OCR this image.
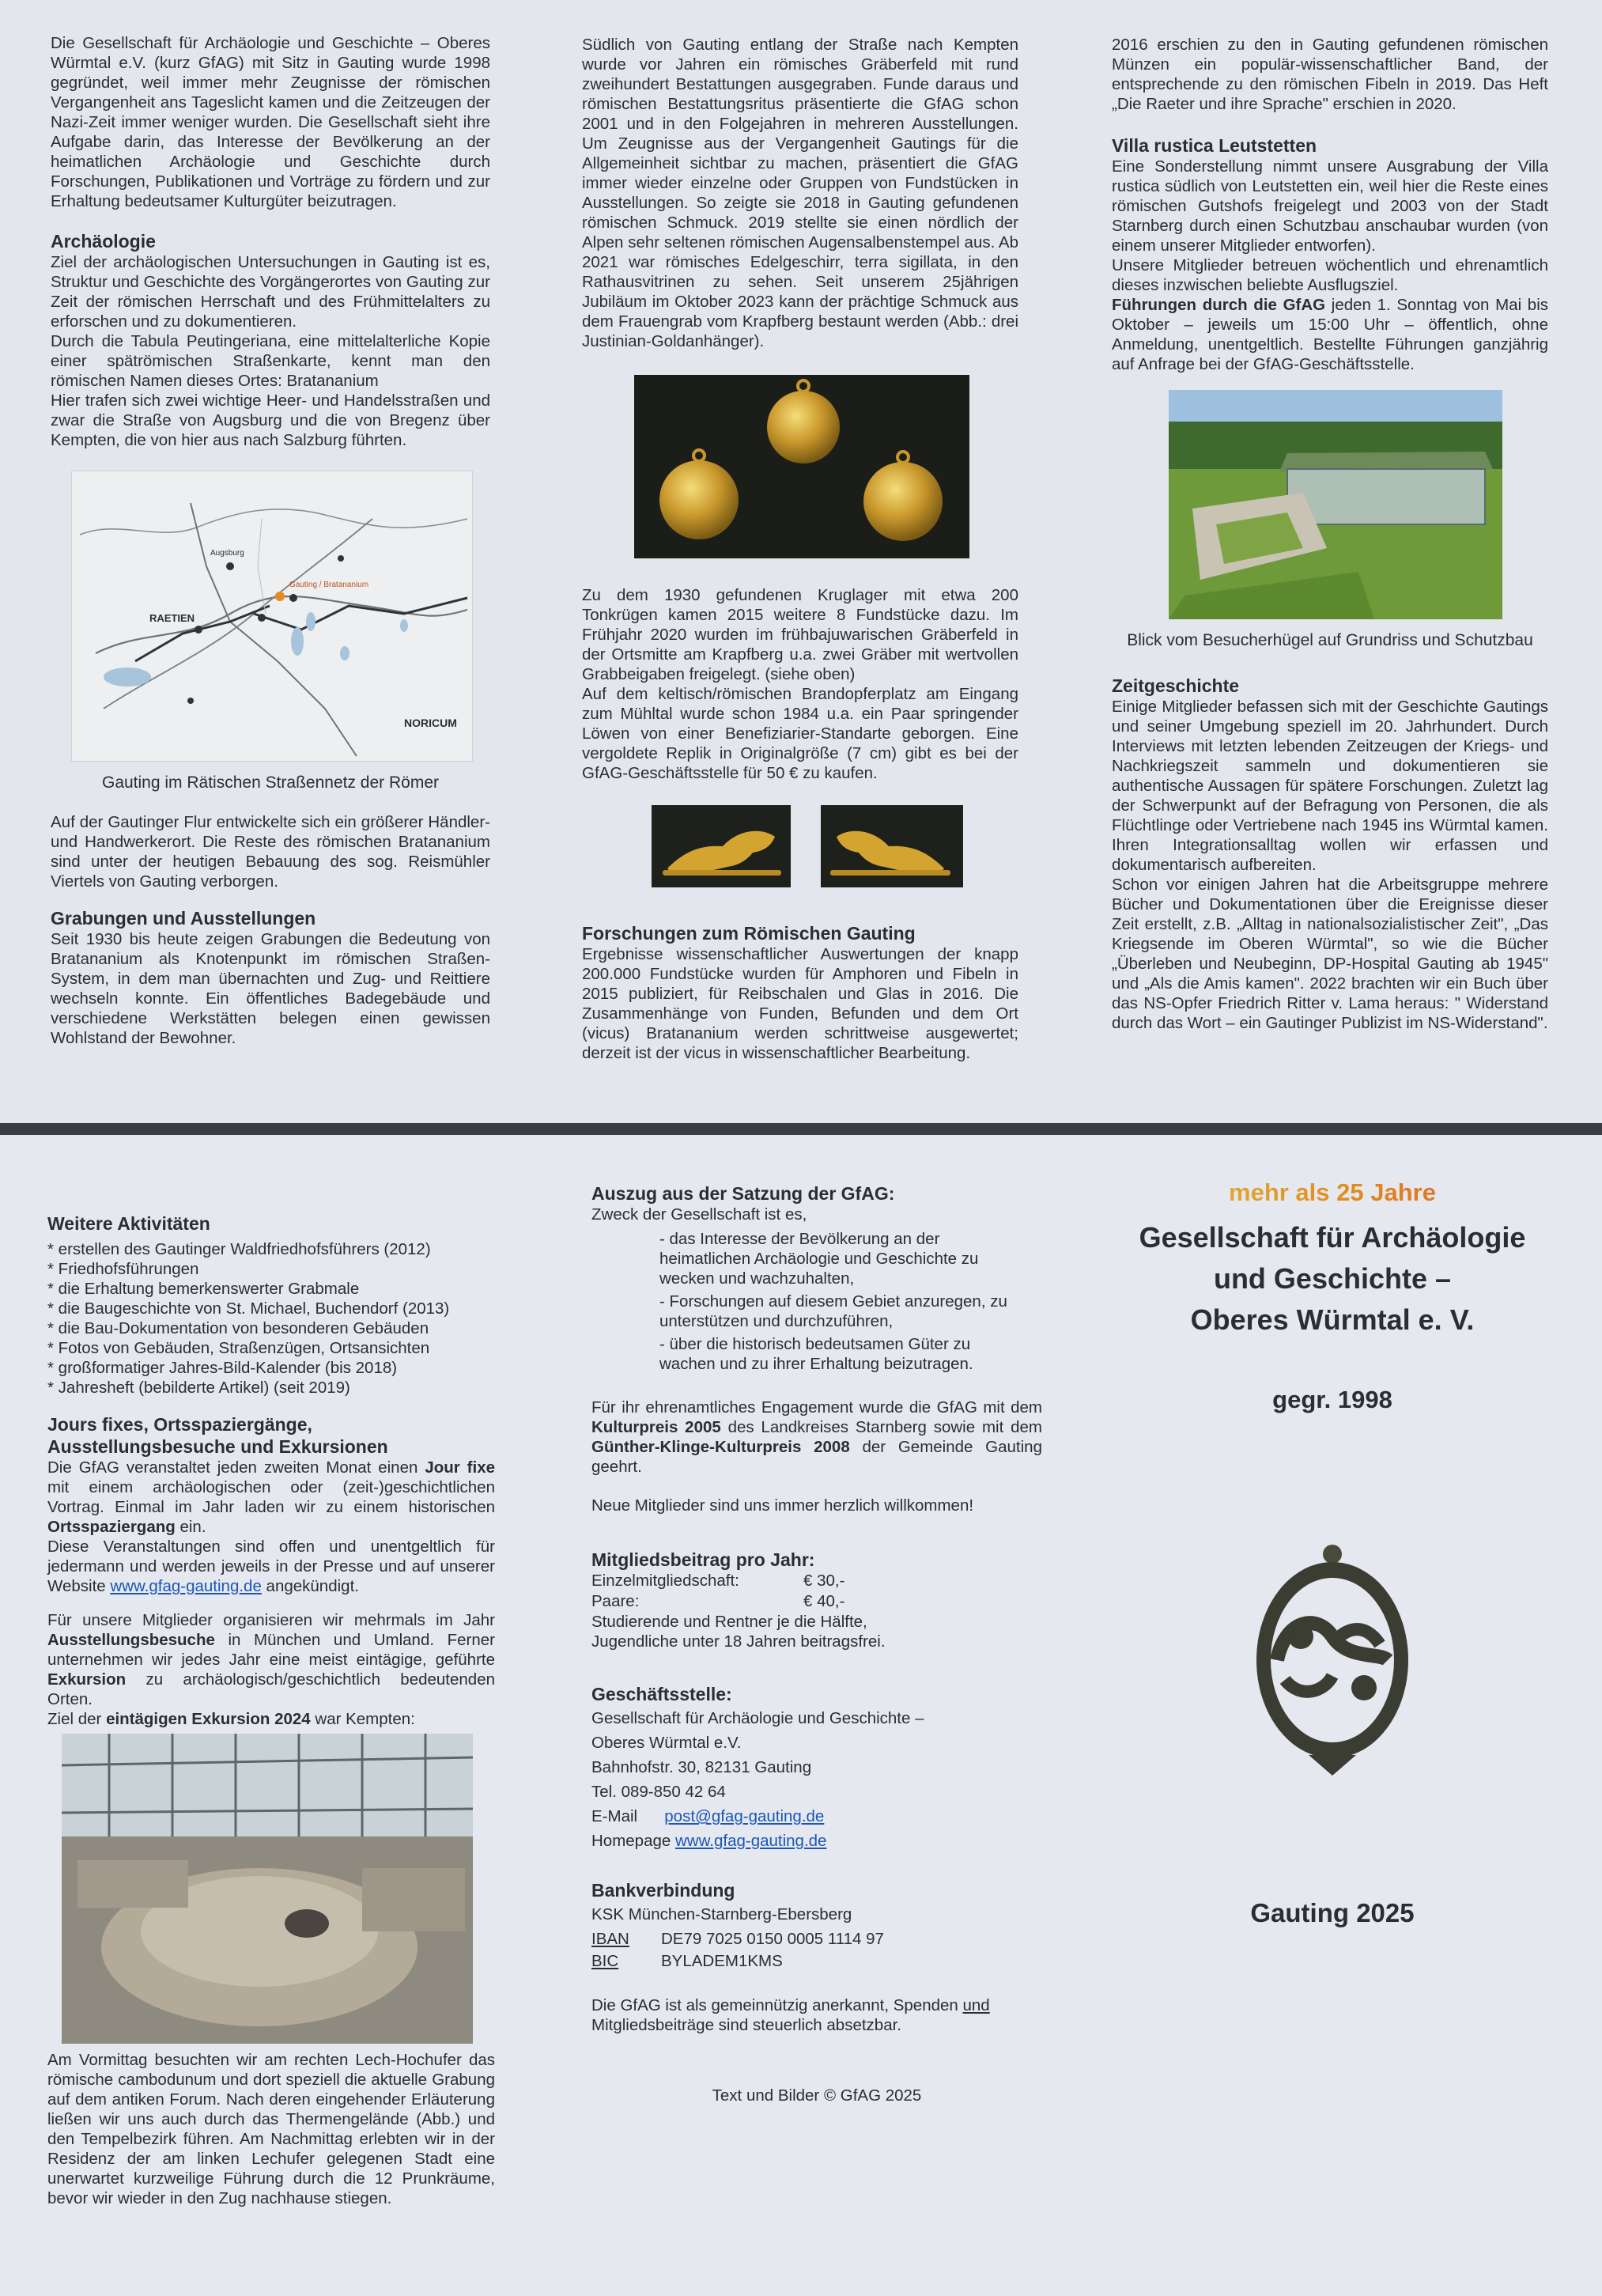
Die Gesellschaft für Archäologie und Geschichte – Oberes Würmtal e.V. (kurz GfAG) mit Sitz in Gauting wurde 1998 gegründet, weil immer mehr Zeugnisse der römischen Vergangenheit ans Tageslicht kamen und die Zeitzeugen der Nazi-Zeit immer weniger wurden. Die Gesellschaft sieht ihre Aufgabe darin, das Interesse der Bevölkerung an der heimatlichen Archäologie und Geschichte durch Forschungen, Publikationen und Vorträge zu fördern und zur Erhaltung bedeutsamer Kulturgüter beizutragen.

Archäologie

Ziel der archäologischen Untersuchungen in Gauting ist es, Struktur und Geschichte des Vorgängerortes von Gauting zur Zeit der römischen Herrschaft und des Frühmittelalters zu erforschen und zu dokumentieren.

Durch die Tabula Peutingeriana, eine mittelalterliche Kopie einer spätrömischen Straßenkarte, kennt man den römischen Namen dieses Ortes: Bratananium

Hier trafen sich zwei wichtige Heer- und Handelsstraßen und zwar die Straße von Augsburg und die von Bregenz über Kempten, die von hier aus nach Salzburg führten.

RAETIEN
NORICUM
Augsburg
Gauting / Bratananium

Gauting im Rätischen Straßennetz der Römer

Auf der Gautinger Flur entwickelte sich ein größerer Händler- und Handwerkerort. Die Reste des römischen Bratananium sind unter der heutigen Bebauung des sog. Reismühler Viertels von Gauting verborgen.

Grabungen und Ausstellungen

Seit 1930 bis heute zeigen Grabungen die Bedeutung von Bratananium als Knotenpunkt im römischen Straßen-System, in dem man übernachten und Zug- und Reittiere wechseln konnte. Ein öffentliches Badegebäude und verschiedene Werkstätten belegen einen gewissen Wohlstand der Bewohner.

Südlich von Gauting entlang der Straße nach Kempten wurde vor Jahren ein römisches Gräberfeld mit rund zweihundert Bestattungen ausgegraben. Funde daraus und römischen Bestattungsritus präsentierte die GfAG schon 2001 und in den Folgejahren in mehreren Ausstellungen. Um Zeugnisse aus der Vergangenheit Gautings für die Allgemeinheit sichtbar zu machen, präsentiert die GfAG immer wieder einzelne oder Gruppen von Fundstücken in Ausstellungen. So zeigte sie 2018 in Gauting gefundenen römischen Schmuck. 2019 stellte sie einen nördlich der Alpen sehr seltenen römischen Augensalbenstempel aus. Ab 2021 war römisches Edelgeschirr, terra sigillata, in den Rathausvitrinen zu sehen. Seit unserem 25jährigen Jubiläum im Oktober 2023 kann der prächtige Schmuck aus dem Frauengrab vom Krapfberg bestaunt werden (Abb.: drei Justinian-Goldanhänger).

Zu dem 1930 gefundenen Kruglager mit etwa 200 Tonkrügen kamen 2015 weitere 8 Fundstücke dazu. Im Frühjahr 2020 wurden im frühbajuwarischen Gräberfeld in der Ortsmitte am Krapfberg u.a. zwei Gräber mit wertvollen Grabbeigaben freigelegt. (siehe oben)

Auf dem keltisch/römischen Brandopferplatz am Eingang zum Mühltal wurde schon 1984 u.a. ein Paar springender Löwen von einer Benefiziarier-Standarte geborgen. Eine vergoldete Replik in Originalgröße (7 cm) gibt es bei der GfAG-Geschäftsstelle für 50 € zu kaufen.

Forschungen zum Römischen Gauting

Ergebnisse wissenschaftlicher Auswertungen der knapp 200.000 Fundstücke wurden für Amphoren und Fibeln in 2015 publiziert, für Reibschalen und Glas in 2016. Die Zusammenhänge von Funden, Befunden und dem Ort (vicus) Bratananium werden schrittweise ausgewertet; derzeit ist der vicus in wissenschaftlicher Bearbeitung.

2016 erschien zu den in Gauting gefundenen römischen Münzen ein populär-wissenschaftlicher Band, der entsprechende zu den römischen Fibeln in 2019. Das Heft „Die Raeter und ihre Sprache" erschien in 2020.

Villa rustica Leutstetten

Eine Sonderstellung nimmt unsere Ausgrabung der Villa rustica südlich von Leutstetten ein, weil hier die Reste eines römischen Gutshofs freigelegt und 2003 von der Stadt Starnberg durch einen Schutzbau anschaubar wurden (von einem unserer Mitglieder entworfen).

Unsere Mitglieder betreuen wöchentlich und ehrenamtlich dieses inzwischen beliebte Ausflugsziel.

Führungen durch die GfAG jeden 1. Sonntag von Mai bis Oktober – jeweils um 15:00 Uhr – öffentlich, ohne Anmeldung, unentgeltlich. Bestellte Führungen ganzjährig auf Anfrage bei der GfAG-Geschäftsstelle.

Blick vom Besucherhügel auf Grundriss und Schutzbau

Zeitgeschichte

Einige Mitglieder befassen sich mit der Geschichte Gautings und seiner Umgebung speziell im 20. Jahrhundert. Durch Interviews mit letzten lebenden Zeitzeugen der Kriegs- und Nachkriegszeit sammeln und dokumentieren sie authentische Aussagen für spätere Forschungen. Zuletzt lag der Schwerpunkt auf der Befragung von Personen, die als Flüchtlinge oder Vertriebene nach 1945 ins Würmtal kamen. Ihren Integrationsalltag wollen wir erfassen und dokumentarisch aufbereiten.

Schon vor einigen Jahren hat die Arbeitsgruppe mehrere Bücher und Dokumentationen über die Ereignisse dieser Zeit erstellt, z.B. „Alltag in nationalsozialistischer Zeit", „Das Kriegsende im Oberen Würmtal", so wie die Bücher „Überleben und Neubeginn, DP-Hospital Gauting ab 1945" und „Als die Amis kamen". 2022 brachten wir ein Buch über das NS-Opfer Friedrich Ritter v. Lama heraus: " Widerstand durch das Wort – ein Gautinger Publizist im NS-Widerstand".

Weitere Aktivitäten

* erstellen des Gautinger Waldfriedhofsführers (2012)
* Friedhofsführungen
* die Erhaltung bemerkenswerter Grabmale
* die Baugeschichte von St. Michael, Buchendorf (2013)
* die Bau-Dokumentation von besonderen Gebäuden
* Fotos von Gebäuden, Straßenzügen, Ortsansichten
* großformatiger Jahres-Bild-Kalender (bis 2018)
* Jahresheft (bebilderte Artikel) (seit 2019)

Jours fixes, Ortsspaziergänge, Ausstellungsbesuche und Exkursionen

Die GfAG veranstaltet jeden zweiten Monat einen Jour fixe mit einem archäologischen oder (zeit-)geschichtlichen Vortrag. Einmal im Jahr laden wir zu einem historischen Ortsspaziergang ein.

Diese Veranstaltungen sind offen und unentgeltlich für jedermann und werden jeweils in der Presse und auf unserer Website www.gfag-gauting.de angekündigt.

Für unsere Mitglieder organisieren wir mehrmals im Jahr Ausstellungsbesuche in München und Umland. Ferner unternehmen wir jedes Jahr eine meist eintägige, geführte Exkursion zu archäologisch/geschichtlich bedeutenden Orten.

Ziel der eintägigen Exkursion 2024 war Kempten:

Am Vormittag besuchten wir am rechten Lech-Hochufer das römische cambodunum und dort speziell die aktuelle Grabung auf dem antiken Forum. Nach deren eingehender Erläuterung ließen wir uns auch durch das Thermengelände (Abb.) und den Tempelbezirk führen. Am Nachmittag erlebten wir in der Residenz der am linken Lechufer gelegenen Stadt eine unerwartet kurzweilige Führung durch die 12 Prunkräume, bevor wir wieder in den Zug nachhause stiegen.

Auszug aus der Satzung der GfAG:

Zweck der Gesellschaft ist es,

- das Interesse der Bevölkerung an der heimatlichen Archäologie und Geschichte zu wecken und wachzuhalten,
- Forschungen auf diesem Gebiet anzuregen, zu unterstützen und durchzuführen,
- über die historisch bedeutsamen Güter zu wachen und zu ihrer Erhaltung beizutragen.

Für ihr ehrenamtliches Engagement wurde die GfAG mit dem Kulturpreis 2005 des Landkreises Starnberg sowie mit dem Günther-Klinge-Kulturpreis 2008 der Gemeinde Gauting geehrt.

Neue Mitglieder sind uns immer herzlich willkommen!

Mitgliedsbeitrag pro Jahr:

Einzelmitgliedschaft:	€ 30,-
Paare:	€ 40,-

Studierende und Rentner je die Hälfte,

Jugendliche unter 18 Jahren beitragsfrei.

Geschäftsstelle:

Gesellschaft für Archäologie und Geschichte –

Oberes Würmtal e.V.

Bahnhofstr. 30, 82131 Gauting

Tel. 089-850 42 64

E-Mail post@gfag-gauting.de

Homepage www.gfag-gauting.de

Bankverbindung

KSK München-Starnberg-Ebersberg

IBAN DE79 7025 0150 0005 1114 97
BIC	BYLADEM1KMS

Die GfAG ist als gemeinnützig anerkannt, Spenden und Mitgliedsbeiträge sind steuerlich absetzbar.

Text und Bilder © GfAG 2025

mehr als 25 Jahre

Gesellschaft für Archäologie

und Geschichte –

Oberes Würmtal e. V.

gegr. 1998

Gauting 2025
